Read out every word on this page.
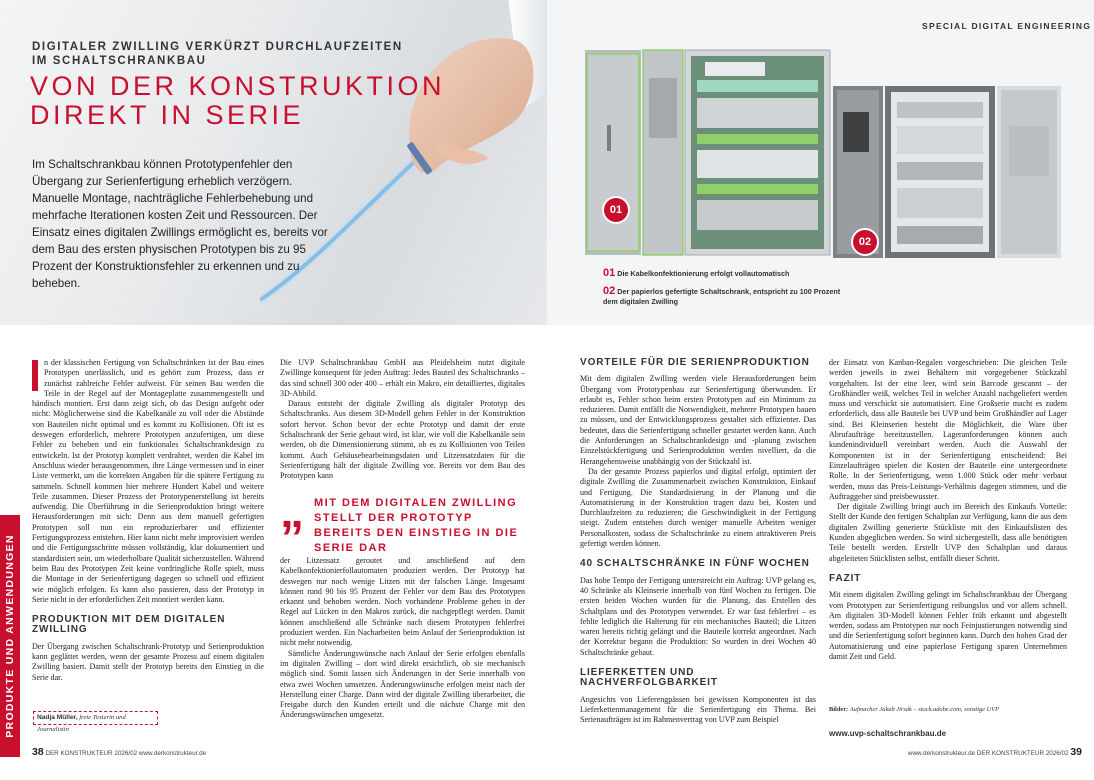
DIGITALER ZWILLING VERKÜRZT DURCHLAUFZEITEN
IM SCHALTSCHRANKBAU
VON DER KONSTRUKTION
DIREKT IN SERIE

Im Schaltschrankbau können Prototypenfehler den Übergang zur Serienfertigung erheblich verzögern. Manuelle Montage, nachträgliche Fehlerbehebung und mehrfache Iterationen kosten Zeit und Ressourcen. Der Einsatz eines digitalen Zwillings ermöglicht es, bereits vor dem Bau des ersten physischen Prototypen bis zu 95 Prozent der Konstruktionsfehler zu erkennen und zu beheben.

01
02
01 Die Kabelkonfektionierung erfolgt vollautomatisch
02 Der papierlos gefertigte Schaltschrank, entspricht zu 100 Prozent dem digitalen Zwilling
SPECIAL DIGITAL ENGINEERING

n der klassischen Fertigung von Schaltschränken ist der Bau eines Prototypen unerlässlich, und es gehört zum Prozess, dass er zunächst zahlreiche Fehler aufweist. Für seinen Bau werden die Teile in der Regel auf der Montageplatte zusammengestellt und händisch montiert. Erst dann zeigt sich, ob das Design aufgeht oder nicht: Möglicherweise sind die Kabelkanäle zu voll oder die Abstände von Bauteilen nicht optimal und es kommt zu Kollisionen. Oft ist es deswegen erforderlich, mehrere Prototypen anzufertigen, um diese Fehler zu beheben und ein funktionales Schaltschrankdesign zu entwickeln. Ist der Prototyp komplett verdrahtet, werden die Kabel im Anschluss wieder herausgenommen, ihre Länge vermessen und in einer Liste vermerkt, um die korrekten Angaben für die spätere Fertigung zu sammeln. Schnell kommen hier mehrere Hundert Kabel und weitere Teile zusammen. Dieser Prozess der Prototypenerstellung ist bereits aufwendig. Die Überführung in die Serienproduktion bringt weitere Herausforderungen mit sich: Denn aus dem manuell gefertigten Prototypen soll nun ein reproduzierbarer und effizienter Fertigungsprozess entstehen. Hier kann nicht mehr improvisiert werden und die Fertigungsschritte müssen vollständig, klar dokumentiert und standardisiert sein, um wiederholbare Qualität sicherzustellen. Während beim Bau des Prototypen Zeit keine vordringliche Rolle spielt, muss die Montage in der Serienfertigung dagegen so schnell und effizient wie möglich erfolgen. Es kann also passieren, dass der Prototyp in Serie nicht in der erforderlichen Zeit montiert werden kann.

PRODUKTION MIT DEM DIGITALEN ZWILLING

Der Übergang zwischen Schaltschrank-Prototyp und Serienproduktion kann geglättet werden, wenn der gesamte Prozess auf einem digitalen Zwilling basiert. Damit stellt der Prototyp bereits den Einstieg in die Serie dar.

Nadja Müller, freie Texterin und Journalistin
PRODUKTE UND ANWENDUNGEN

Die UVP Schaltschrankbau GmbH aus Pleidelsheim nutzt digitale Zwillinge konsequent für jeden Auftrag: Jedes Bauteil des Schaltschranks – das sind schnell 300 oder 400 – erhält ein Makro, ein detailliertes, digitales 3D-Abbild.

Daraus entsteht der digitale Zwilling als digitaler Prototyp des Schaltschranks. Aus diesem 3D-Modell gehen Fehler in der Konstruktion sofort hervor. Schon bevor der echte Prototyp und damit der erste Schaltschrank der Serie gebaut wird, ist klar, wie voll die Kabelkanäle sein werden, ob die Dimensionierung stimmt, ob es zu Kollisionen von Teilen kommt. Auch Gehäusebearbeitungsdaten und Litzensatzdaten für die Serienfertigung hält der digitale Zwilling vor. Bereits vor dem Bau des Prototypen kann

„ MIT DEM DIGITALEN ZWILLING STELLT DER PROTOTYP BEREITS DEN EINSTIEG IN DIE SERIE DAR

der Litzensatz geroutet und anschließend auf dem Kabelkonfektionierfollautomaten produziert werden. Der Prototyp hat deswegen nur noch wenige Litzen mit der falschen Länge. Insgesamt können rund 90 bis 95 Prozent der Fehler vor dem Bau des Prototypen erkannt und behoben werden. Noch vorhandene Probleme gehen in der Regel auf Lücken in den Makros zurück, die nachgepflegt werden. Damit können anschließend alle Schränke nach diesem Prototypen fehlerfrei produziert werden. Ein Nacharbeiten beim Anlauf der Serienproduktion ist nicht mehr notwendig.

Sämtliche Änderungswünsche nach Anlauf der Serie erfolgen ebenfalls im digitalen Zwilling – dort wird direkt ersichtlich, ob sie mechanisch möglich sind. Somit lassen sich Änderungen in der Serie innerhalb von etwa zwei Wochen umsetzen. Änderungswünsche erfolgen meist nach der Herstellung einer Charge. Dann wird der digitale Zwilling überarbeitet, die Freigabe durch den Kunden erteilt und die nächste Charge mit den Änderungswünschen umgesetzt.

VORTEILE FÜR DIE SERIENPRODUKTION

Mit dem digitalen Zwilling werden viele Herausforderungen beim Übergang vom Prototypenbau zur Serienfertigung überwunden. Er erlaubt es, Fehler schon beim ersten Prototypen auf ein Minimum zu reduzieren. Damit entfällt die Notwendigkeit, mehrere Prototypen bauen zu müssen, und der Entwicklungsprozess gestaltet sich effizienter. Das bedeutet, dass die Serienfertigung schneller gestartet werden kann. Auch die Anforderungen an Schaltschrankdesign und -planung zwischen Einzelstückfertigung und Serienproduktion werden nivelliert, da die Herangehensweise unabhängig von der Stückzahl ist.

Da der gesamte Prozess papierlos und digital erfolgt, optimiert der digitale Zwilling die Zusammenarbeit zwischen Konstruktion, Einkauf und Fertigung. Die Standardisierung in der Planung und die Automatisierung in der Konstruktion tragen dazu bei, Kosten und Durchlaufzeiten zu reduzieren; die Geschwindigkeit in der Fertigung steigt. Zudem entstehen durch weniger manuelle Arbeiten weniger Personalkosten, sodass die Schaltschränke zu einem attraktiveren Preis gefertigt werden können.

40 SCHALTSCHRÄNKE IN FÜNF WOCHEN

Das hohe Tempo der Fertigung unterstreicht ein Auftrag: UVP gelang es, 40 Schränke als Kleinserie innerhalb von fünf Wochen zu fertigen. Die ersten beiden Wochen wurden für die Planung, das Erstellen des Schaltplans und des Prototypen verwendet. Er war fast fehlerfrei – es fehlte lediglich die Halterung für ein mechanisches Bauteil; die Litzen waren bereits richtig gelängt und die Bauteile korrekt angeordnet. Nach der Korrektur begann die Produktion: So wurden in drei Wochen 40 Schaltschränke gebaut.

LIEFERKETTEN UND NACHVERFOLGBARKEIT

Angesichts von Lieferengpässen bei gewissen Komponenten ist das Lieferkettenmanagement für die Serienfertigung ein Thema. Bei Serienaufträgen ist im Rahmenvertrag von UVP zum Beispiel

der Einsatz von Kanban-Regalen vorgeschrieben: Die gleichen Teile werden jeweils in zwei Behältern mit vorgegebener Stückzahl vorgehalten. Ist der eine leer, wird sein Barcode gescannt – der Großhändler weiß, welches Teil in welcher Anzahl nachgeliefert werden muss und verschickt sie automatisiert. Eine Großserie macht es zudem erforderlich, dass alle Bauteile bei UVP und beim Großhändler auf Lager sind. Bei Kleinserien besteht die Möglichkeit, die Ware über Abrufaufträge bereitzustellen. Lageranforderungen können auch kundenindividuell vereinbart werden. Auch die Auswahl der Komponenten ist in der Serienfertigung entscheidend: Bei Einzelaufträgen spielen die Kosten der Bauteile eine untergeordnete Rolle. In der Serienfertigung, wenn 1.000 Stück oder mehr verbaut werden, muss das Preis-Leistungs-Verhältnis dagegen stimmen, und die Auftraggeber sind preisbewusster.

Der digitale Zwilling bringt auch im Bereich des Einkaufs Vorteile: Stellt der Kunde den fertigen Schaltplan zur Verfügung, kann die aus dem digitalen Zwilling generierte Stückliste mit den Einkaufslisten des Kunden abgeglichen werden. So wird sichergestellt, dass alle benötigten Teile bestellt werden. Erstellt UVP den Schaltplan und daraus abgeleiteten Stücklisten selbst, entfällt dieser Schritt.

FAZIT

Mit einem digitalen Zwilling gelingt im Schaltschrankbau der Übergang vom Prototypen zur Serienfertigung reibungslos und vor allem schnell. Am digitalen 3D-Modell können Fehler früh erkannt und abgestellt werden, sodass am Prototypen nur noch Feinjustierungen notwendig sind und die Serienfertigung sofort beginnen kann. Durch den hohen Grad der Automatisierung und eine papierlose Fertigung sparen Unternehmen damit Zeit und Geld.

Bilder: Aufmacher Jakub Jirsák – stock.adobe.com, sonstige UVP
www.uvp-schaltschrankbau.de
38 DER KONSTRUKTEUR 2026/02 www.derkonstrukteur.de	www.derkonstrukteur.de DER KONSTRUKTEUR 2026/02 39
